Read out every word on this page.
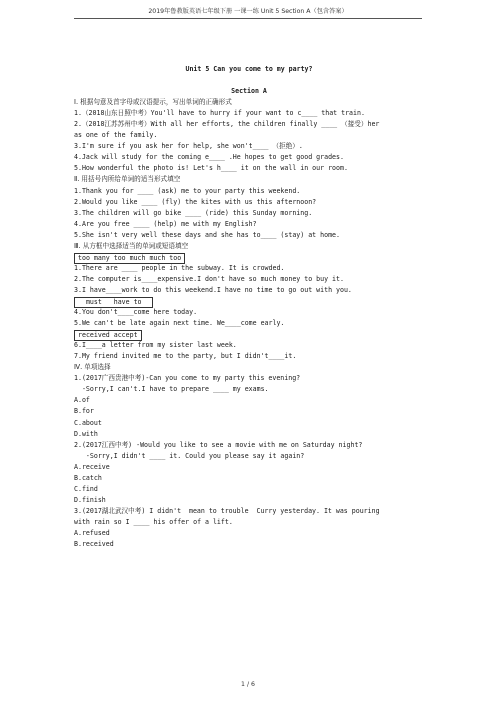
2019年鲁教版英语七年级下册 一课一练 Unit 5 Section A（包含答案）
Unit 5 Can you come to my party?
Section A
Ⅰ. 根据句意及首字母或汉语提示，写出单词的正确形式
1.（2018山东日照中考）You'll have to hurry if your want to c____ that train.
2.（2018江苏苏州中考）With all her efforts, the children finally ____ （接受）her
as one of the family.
3.I'm sure if you ask her for help, she won't____ （拒绝）.
4.Jack will study for the coming e____ .He hopes to get good grades.
5.How wonderful the photo is! Let's h____ it on the wall in our room.
Ⅱ. 用括号内所给单词的适当形式填空
1.Thank you for ____ (ask) me to your party this weekend.
2.Would you like ____ (fly) the kites with us this afternoon?
3.The children will go bike ____ (ride) this Sunday morning.
4.Are you free ____ (help) me with my English?
5.She isn't very well these days and she has to____ (stay) at home.
Ⅲ. 从方框中选择适当的单词或短语填空
too many too much much too
1.There are ____ people in the subway. It is crowded.
2.The computer is____expensive.I don't have so much money to buy it.
3.I have____work to do this weekend.I have no time to go out with you.
must   have to
4.You don't____come here today.
5.We can't be late again next time. We____come early.
received accept
6.I____a letter from my sister last week.
7.My friend invited me to the party, but I didn't____it.
Ⅳ. 单项选择
1.(2017广西贵港中考)-Can you come to my party this evening?
-Sorry,I can't.I have to prepare ____ my exams.
A.of
B.for
C.about
D.with
2.(2017江西中考) -Would you like to see a movie with me on Saturday night?
-Sorry,I didn't ____ it. Could you please say it again?
A.receive
B.catch
C.find
D.finish
3.(2017湖北武汉中考) I didn't  mean to trouble  Curry yesterday. It was pouring
with rain so I ____ his offer of a lift.
A.refused
B.received
1 / 6
